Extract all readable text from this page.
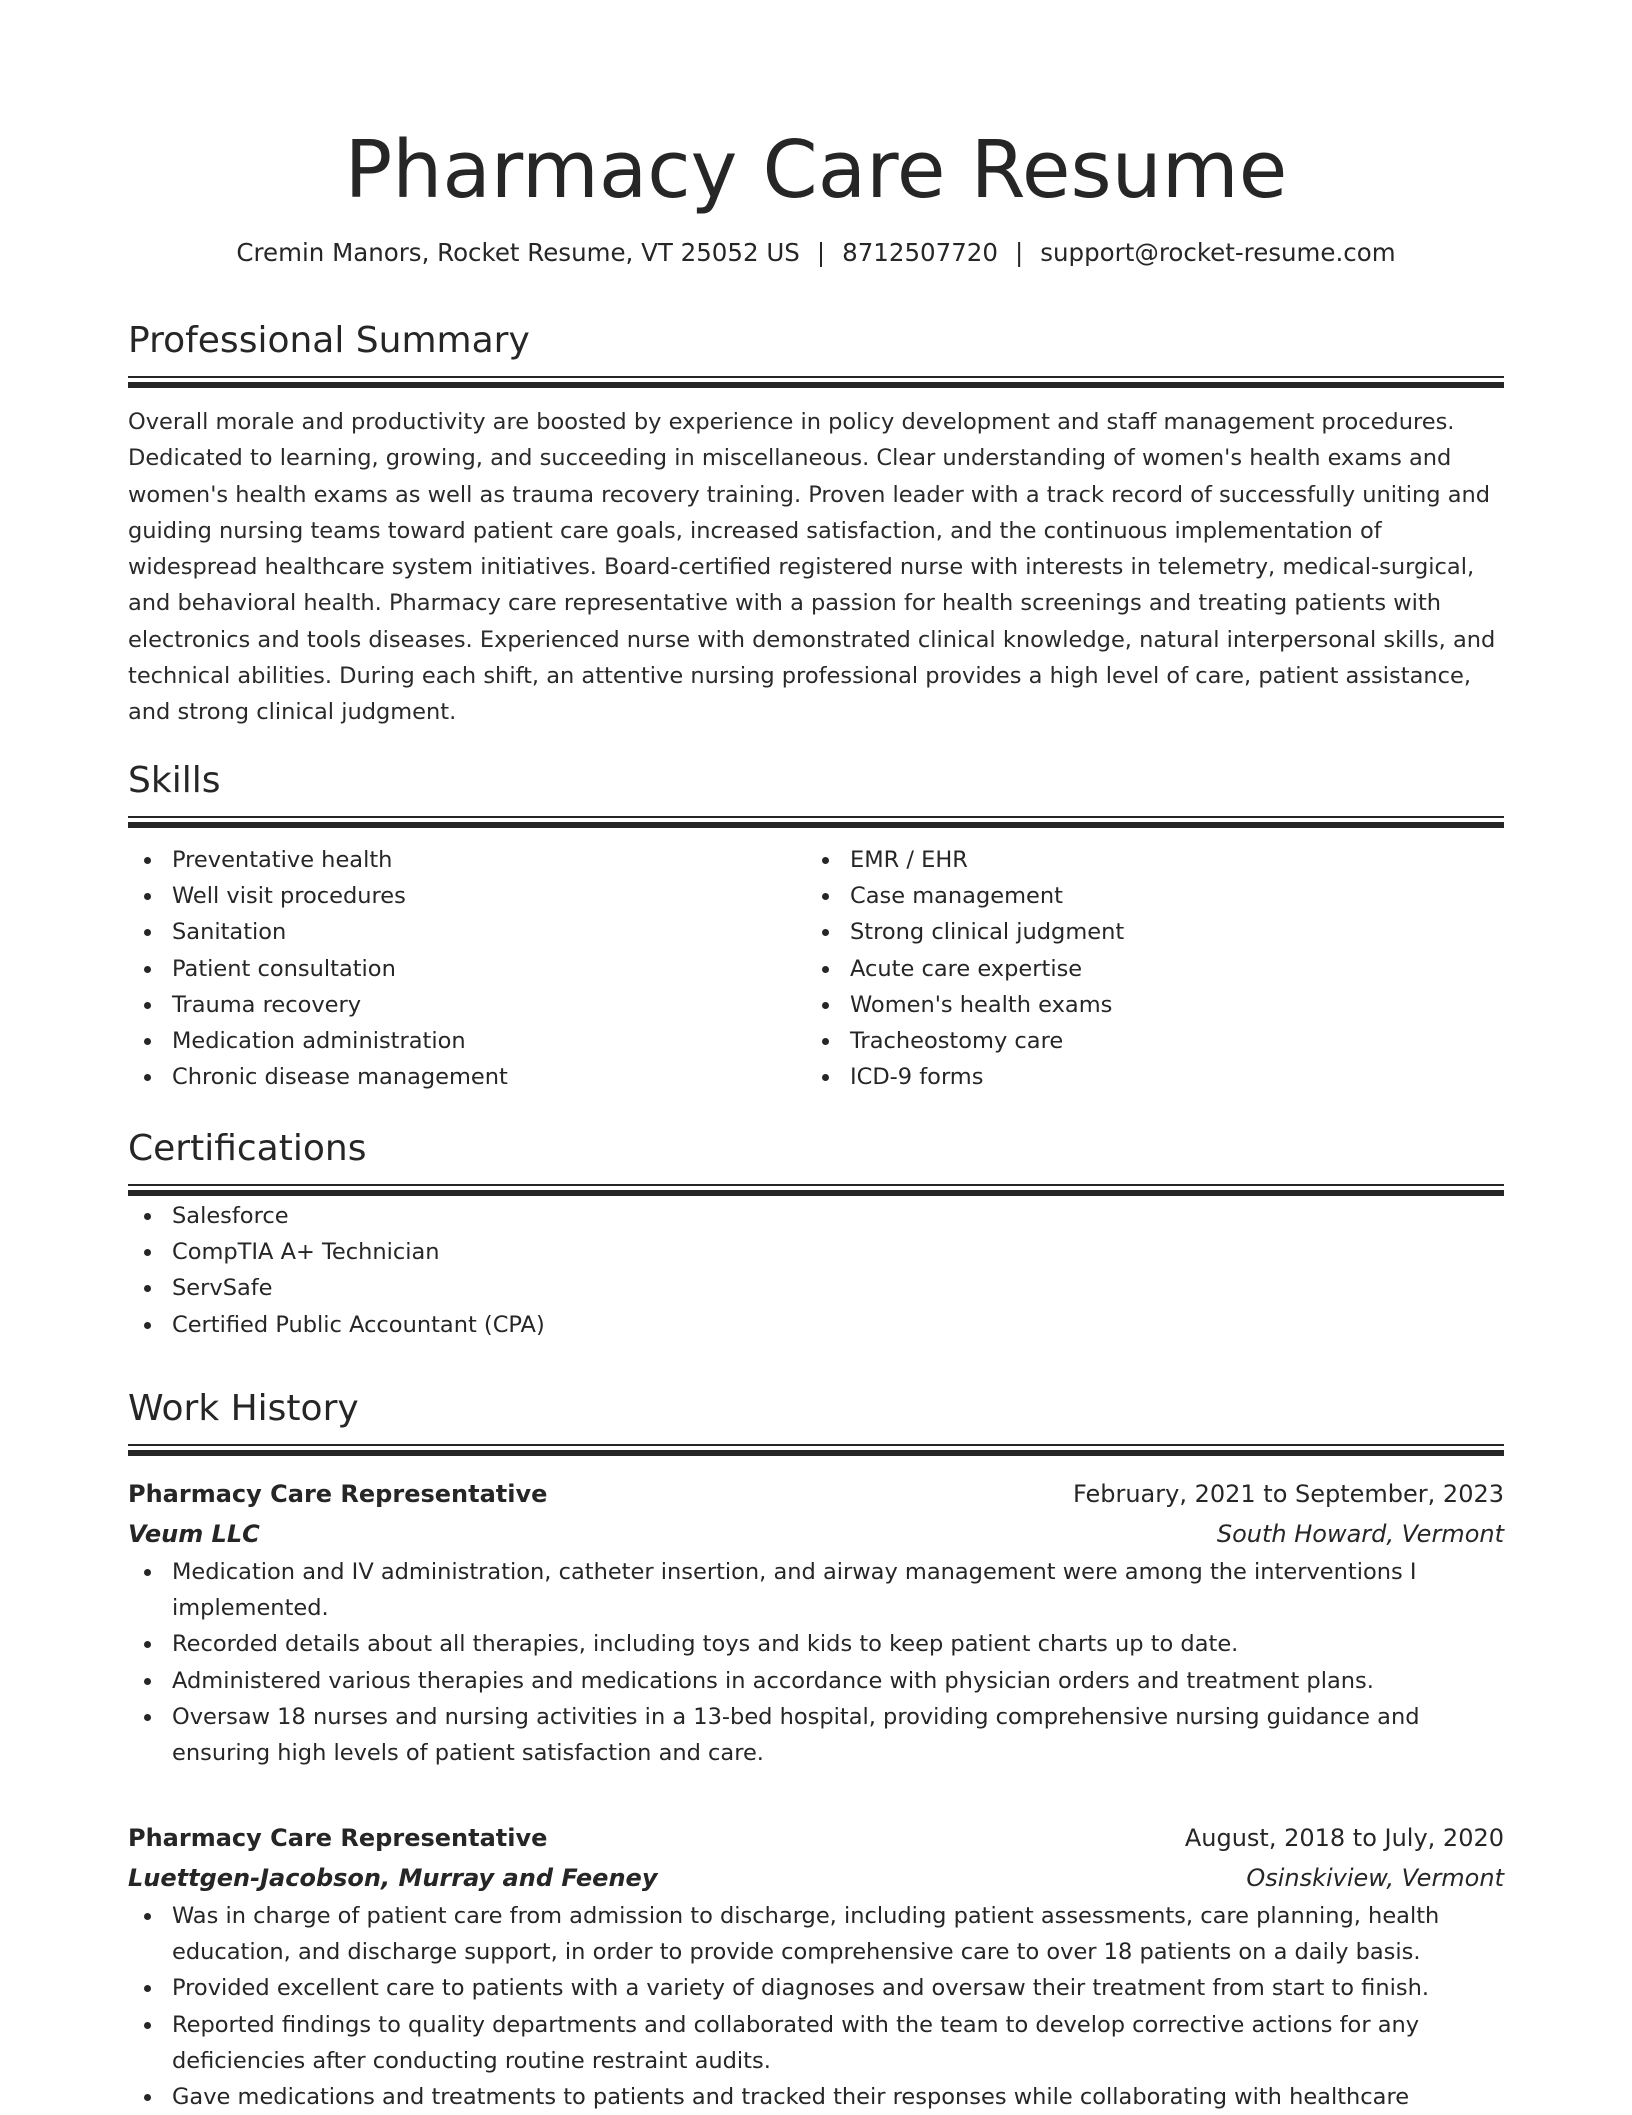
Pharmacy Care Resume
Cremin Manors, Rocket Resume, VT 25052 US | 8712507720 | support@rocket-resume.com
Professional Summary
Overall morale and productivity are boosted by experience in policy development and staff management procedures. Dedicated to learning, growing, and succeeding in miscellaneous. Clear understanding of women's health exams and women's health exams as well as trauma recovery training. Proven leader with a track record of successfully uniting and guiding nursing teams toward patient care goals, increased satisfaction, and the continuous implementation of widespread healthcare system initiatives. Board-certified registered nurse with interests in telemetry, medical-surgical, and behavioral health. Pharmacy care representative with a passion for health screenings and treating patients with electronics and tools diseases. Experienced nurse with demonstrated clinical knowledge, natural interpersonal skills, and technical abilities. During each shift, an attentive nursing professional provides a high level of care, patient assistance, and strong clinical judgment.
Skills
Preventative health
Well visit procedures
Sanitation
Patient consultation
Trauma recovery
Medication administration
Chronic disease management
EMR / EHR
Case management
Strong clinical judgment
Acute care expertise
Women's health exams
Tracheostomy care
ICD-9 forms
Certifications
Salesforce
CompTIA A+ Technician
ServSafe
Certified Public Accountant (CPA)
Work History
Pharmacy Care Representative	February, 2021 to September, 2023
Veum LLC	South Howard, Vermont
Medication and IV administration, catheter insertion, and airway management were among the interventions I implemented.
Recorded details about all therapies, including toys and kids to keep patient charts up to date.
Administered various therapies and medications in accordance with physician orders and treatment plans.
Oversaw 18 nurses and nursing activities in a 13-bed hospital, providing comprehensive nursing guidance and ensuring high levels of patient satisfaction and care.
Pharmacy Care Representative	August, 2018 to July, 2020
Luettgen-Jacobson, Murray and Feeney	Osinskiview, Vermont
Was in charge of patient care from admission to discharge, including patient assessments, care planning, health education, and discharge support, in order to provide comprehensive care to over 18 patients on a daily basis.
Provided excellent care to patients with a variety of diagnoses and oversaw their treatment from start to finish.
Reported findings to quality departments and collaborated with the team to develop corrective actions for any deficiencies after conducting routine restraint audits.
Gave medications and treatments to patients and tracked their responses while collaborating with healthcare
